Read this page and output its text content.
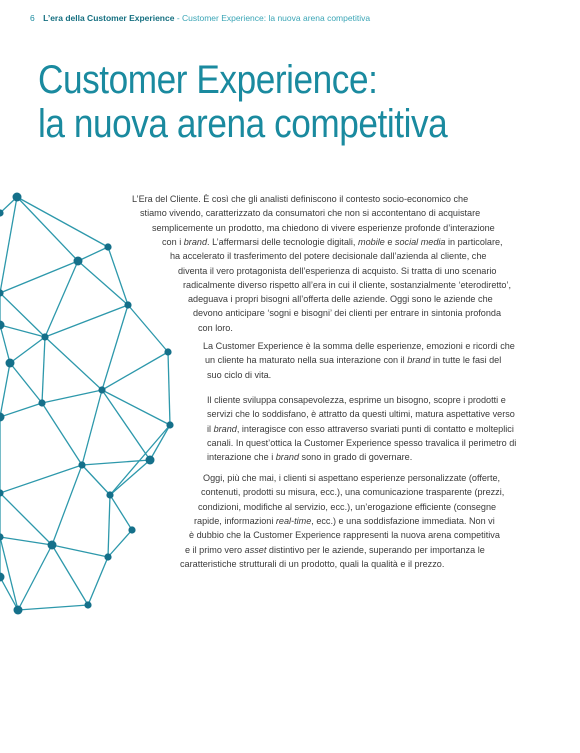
6 L’era della Customer Experience - Customer Experience: la nuova arena competitiva
Customer Experience:
la nuova arena competitiva
L’Era del Cliente. È così che gli analisti definiscono il contesto socio-economico che
stiamo vivendo, caratterizzato da consumatori che non si accontentano di acquistare
semplicemente un prodotto, ma chiedono di vivere esperienze profonde d’interazione
con i brand. L’affermarsi delle tecnologie digitali, mobile e social media in particolare,
ha accelerato il trasferimento del potere decisionale dall’azienda al cliente, che
diventa il vero protagonista dell’esperienza di acquisto. Si tratta di uno scenario
radicalmente diverso rispetto all’era in cui il cliente, sostanzialmente ‘eterodiretto’,
adeguava i propri bisogni all’offerta delle aziende. Oggi sono le aziende che
devono anticipare ‘sogni e bisogni’ dei clienti per entrare in sintonia profonda
con loro.
La Customer Experience è la somma delle esperienze, emozioni e ricordi che
un cliente ha maturato nella sua interazione con il brand in tutte le fasi del
suo ciclo di vita.
Il cliente sviluppa consapevolezza, esprime un bisogno, scopre i prodotti e
servizi che lo soddisfano, è attratto da questi ultimi, matura aspettative verso
il brand, interagisce con esso attraverso svariati punti di contatto e molteplici
canali. In quest’ottica la Customer Experience spesso travalica il perimetro di
interazione che i brand sono in grado di governare.
Oggi, più che mai, i clienti si aspettano esperienze personalizzate (offerte,
contenuti, prodotti su misura, ecc.), una comunicazione trasparente (prezzi,
condizioni, modifiche al servizio, ecc.), un’erogazione efficiente (consegne
rapide, informazioni real-time, ecc.) e una soddisfazione immediata. Non vi
è dubbio che la Customer Experience rappresenti la nuova arena competitiva
e il primo vero asset distintivo per le aziende, superando per importanza le
caratteristiche strutturali di un prodotto, quali la qualità e il prezzo.
